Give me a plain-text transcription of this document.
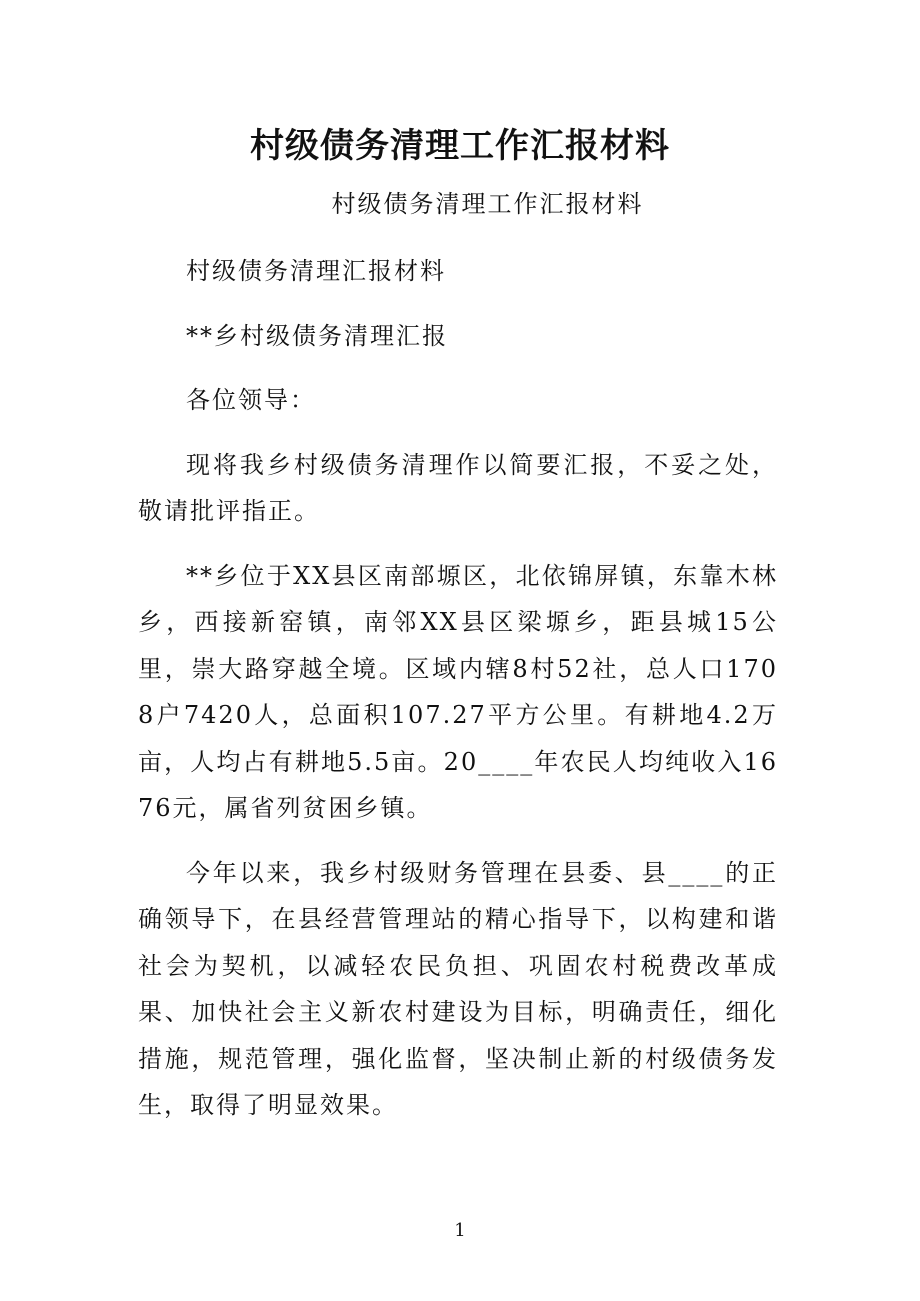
村级债务清理工作汇报材料
村级债务清理工作汇报材料

村级债务清理汇报材料

**乡村级债务清理汇报

各位领导：

现将我乡村级债务清理作以简要汇报，不妥之处，敬请批评指正。

**乡位于XX县区南部塬区，北依锦屏镇，东靠木林乡，西接新窑镇，南邻XX县区梁塬乡，距县城15公里，崇大路穿越全境。区域内辖8村52社，总人口1708户7420人，总面积107.27平方公里。有耕地4.2万亩，人均占有耕地5.5亩。20____年农民人均纯收入1676元，属省列贫困乡镇。

今年以来，我乡村级财务管理在县委、县____的正确领导下，在县经营管理站的精心指导下，以构建和谐社会为契机，以减轻农民负担、巩固农村税费改革成果、加快社会主义新农村建设为目标，明确责任，细化措施，规范管理，强化监督，坚决制止新的村级债务发生，取得了明显效果。

1
